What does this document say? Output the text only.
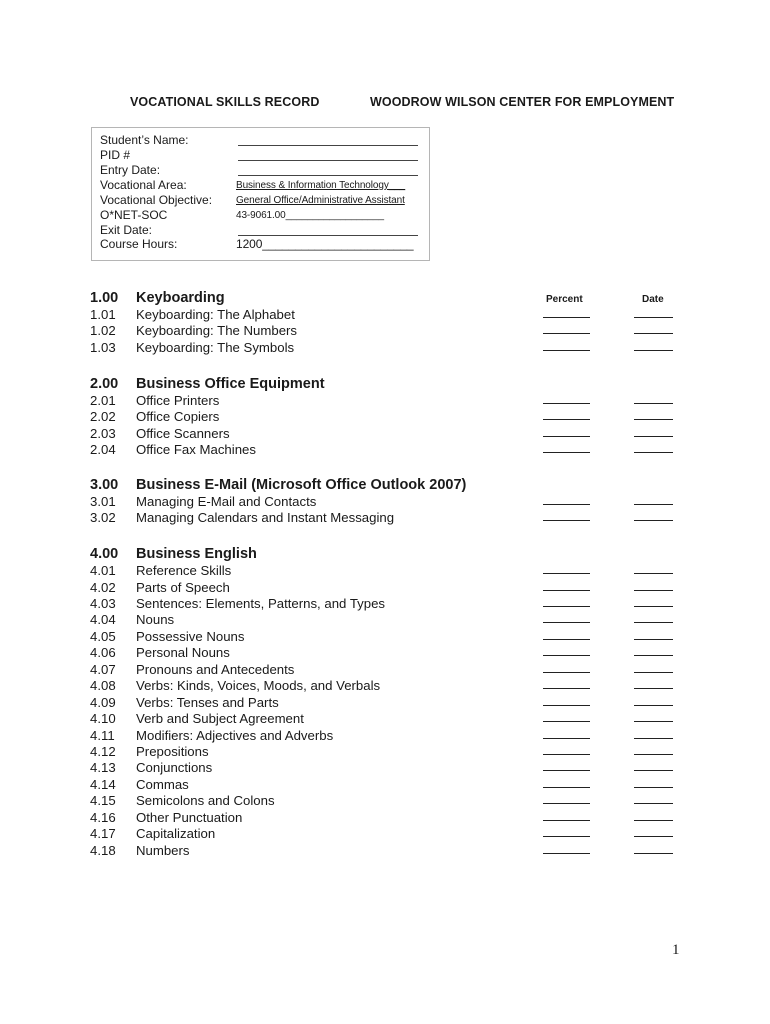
VOCATIONAL SKILLS RECORD	WOODROW WILSON CENTER FOR EMPLOYMENT
Student’s Name:
PID #
Entry Date:
Vocational Area:	Business & Information Technology___
Vocational Objective: General Office/Administrative Assistant
O*NET-SOC	43-9061.00__________________
Exit Date:
Course Hours:	1200_______________________
Percent	Date
1.00 Keyboarding
1.01 Keyboarding: The Alphabet
1.02 Keyboarding: The Numbers
1.03 Keyboarding: The Symbols
2.00 Business Office Equipment
2.01 Office Printers
2.02 Office Copiers
2.03 Office Scanners
2.04 Office Fax Machines
3.00 Business E-Mail (Microsoft Office Outlook 2007)
3.01 Managing E-Mail and Contacts
3.02 Managing Calendars and Instant Messaging
4.00 Business English
4.01 Reference Skills
4.02 Parts of Speech
4.03 Sentences: Elements, Patterns, and Types
4.04 Nouns
4.05 Possessive Nouns
4.06 Personal Nouns
4.07 Pronouns and Antecedents
4.08 Verbs: Kinds, Voices, Moods, and Verbals
4.09 Verbs: Tenses and Parts
4.10 Verb and Subject Agreement
4.11 Modifiers: Adjectives and Adverbs
4.12 Prepositions
4.13 Conjunctions
4.14 Commas
4.15 Semicolons and Colons
4.16 Other Punctuation
4.17 Capitalization
4.18 Numbers
1
